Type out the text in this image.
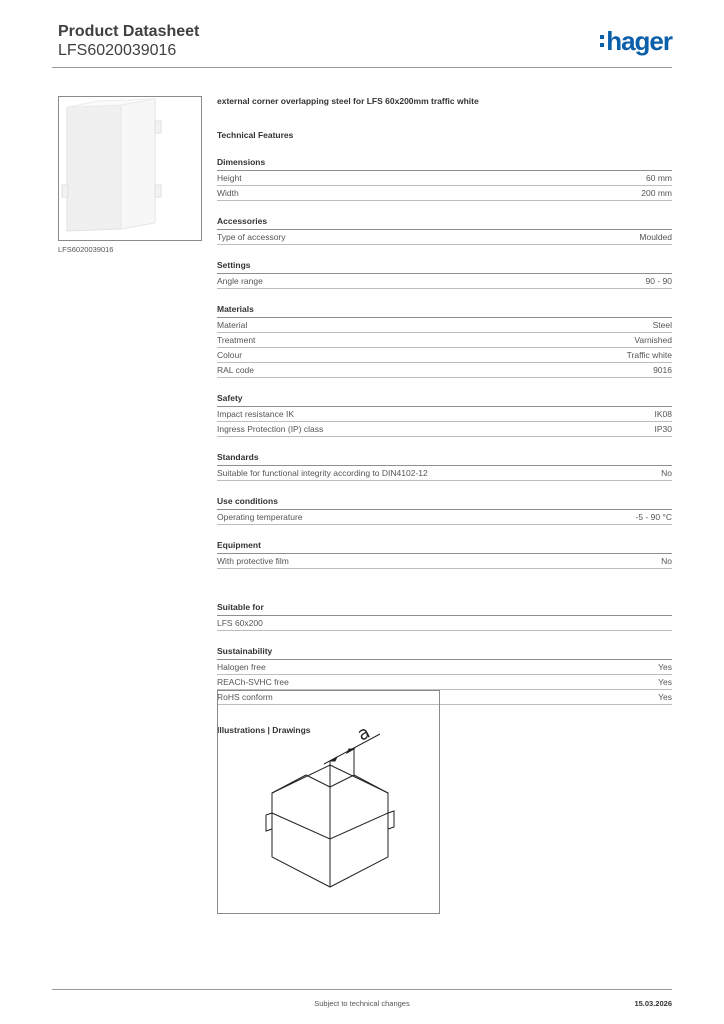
Product Datasheet
LFS6020039016	hager
LFS6020039016
external corner overlapping steel for LFS 60x200mm traffic white
Technical Features
Dimensions
Height	60 mm
Width	200 mm
Accessories
Type of accessory	Moulded
Settings
Angle range	90 - 90
Materials
Material	Steel
Treatment	Varnished
Colour	Traffic white
RAL code	9016
Safety
Impact resistance IK	IK08
Ingress Protection (IP) class	IP30
Standards
Suitable for functional integrity according to DIN4102-12	No
Use conditions
Operating temperature	-5 - 90 °C
Equipment
With protective film	No
Suitable for
LFS 60x200
Sustainability
Halogen free	Yes
REACh-SVHC free	Yes
RoHS conform	Yes
Illustrations | Drawings	a
Subject to technical changes	15.03.2026
